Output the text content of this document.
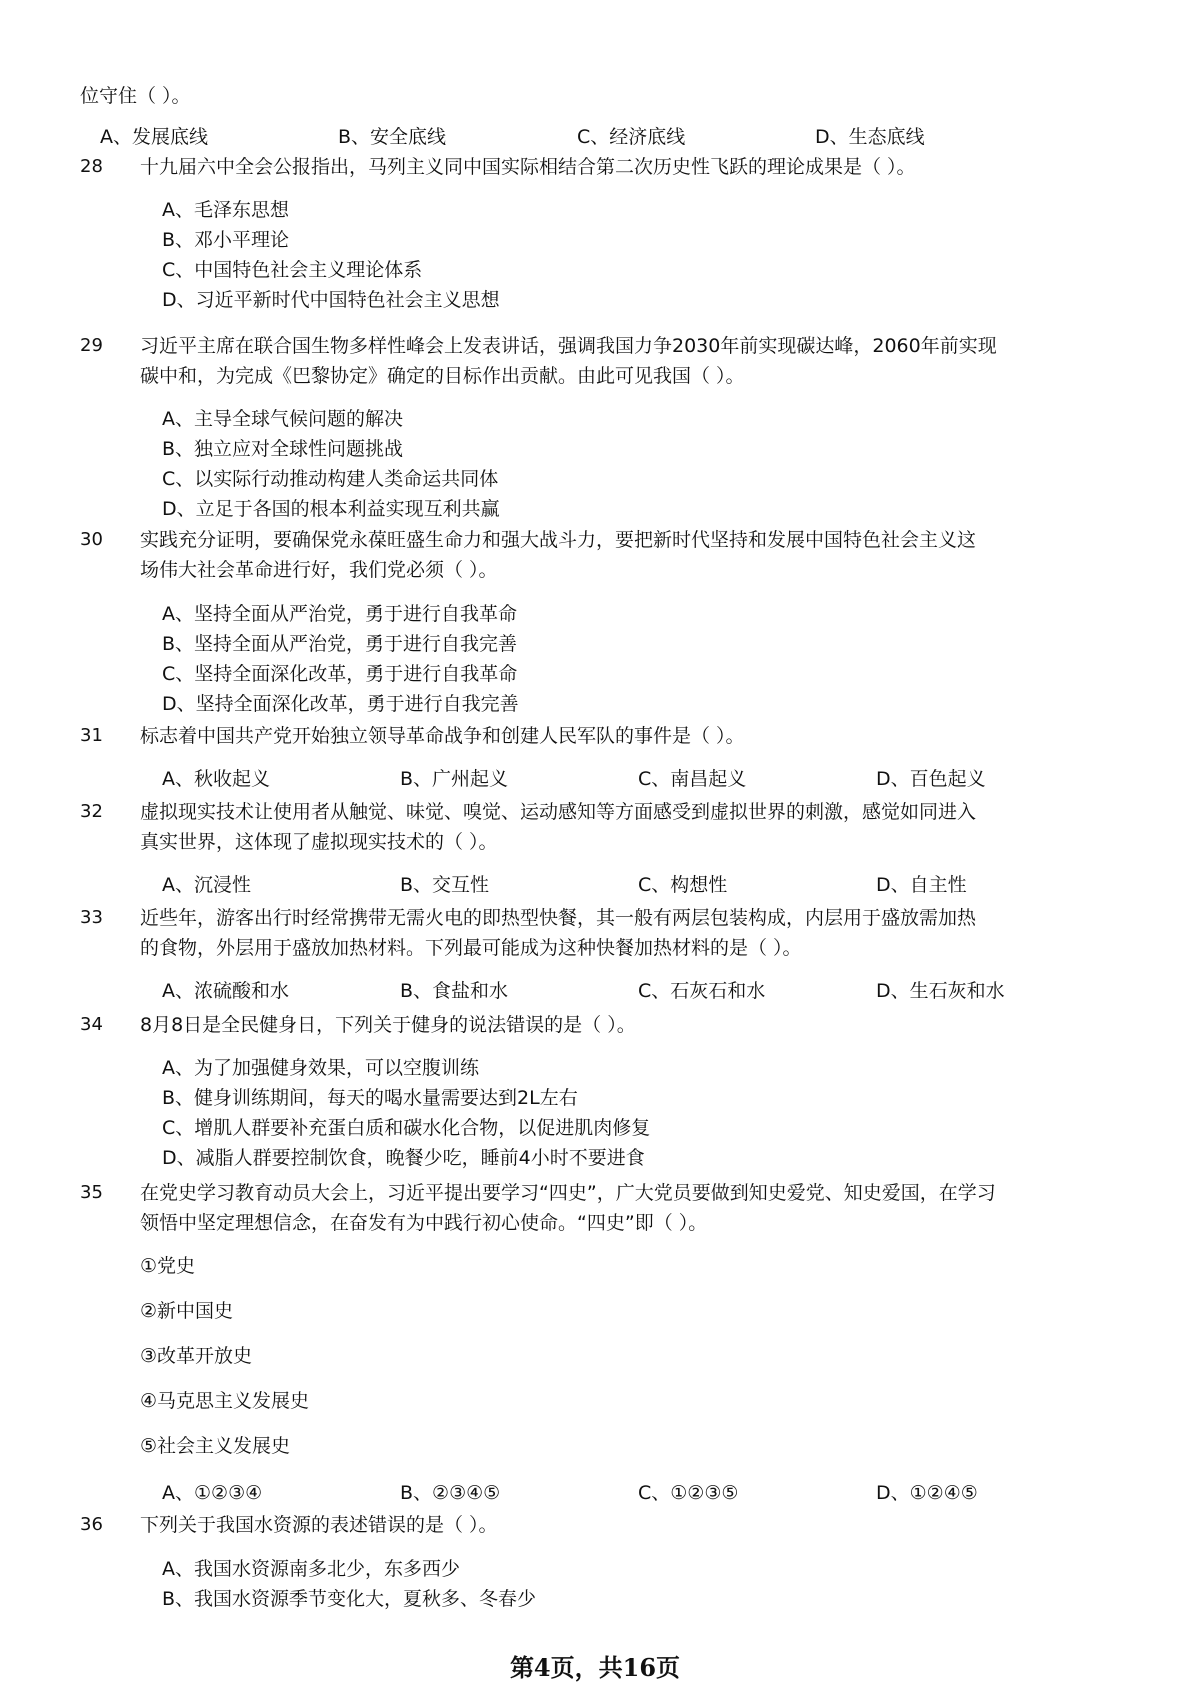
位守住（ ）。
A、发展底线	B、安全底线	C、经济底线	D、生态底线
28	十九届六中全会公报指出，马列主义同中国实际相结合第二次历史性飞跃的理论成果是（ ）。
A、毛泽东思想
B、邓小平理论
C、中国特色社会主义理论体系
D、习近平新时代中国特色社会主义思想
29	习近平主席在联合国生物多样性峰会上发表讲话，强调我国力争2030年前实现碳达峰，2060年前实现
碳中和，为完成《巴黎协定》确定的目标作出贡献。由此可见我国（ ）。
A、主导全球气候问题的解决
B、独立应对全球性问题挑战
C、以实际行动推动构建人类命运共同体
D、立足于各国的根本利益实现互利共赢
30	实践充分证明，要确保党永葆旺盛生命力和强大战斗力，要把新时代坚持和发展中国特色社会主义这
场伟大社会革命进行好，我们党必须（ ）。
A、坚持全面从严治党，勇于进行自我革命
B、坚持全面从严治党，勇于进行自我完善
C、坚持全面深化改革，勇于进行自我革命
D、坚持全面深化改革，勇于进行自我完善
31	标志着中国共产党开始独立领导革命战争和创建人民军队的事件是（ ）。
A、秋收起义	B、广州起义	C、南昌起义	D、百色起义
32	虚拟现实技术让使用者从触觉、味觉、嗅觉、运动感知等方面感受到虚拟世界的刺激，感觉如同进入
真实世界，这体现了虚拟现实技术的（ ）。
A、沉浸性	B、交互性	C、构想性	D、自主性
33	近些年，游客出行时经常携带无需火电的即热型快餐，其一般有两层包装构成，内层用于盛放需加热
的食物，外层用于盛放加热材料。下列最可能成为这种快餐加热材料的是（ ）。
A、浓硫酸和水	B、食盐和水	C、石灰石和水	D、生石灰和水
34	8月8日是全民健身日，下列关于健身的说法错误的是（ ）。
A、为了加强健身效果，可以空腹训练
B、健身训练期间，每天的喝水量需要达到2L左右
C、增肌人群要补充蛋白质和碳水化合物，以促进肌肉修复
D、减脂人群要控制饮食，晚餐少吃，睡前4小时不要进食
35	在党史学习教育动员大会上，习近平提出要学习“四史”，广大党员要做到知史爱党、知史爱国，在学习
领悟中坚定理想信念，在奋发有为中践行初心使命。“四史”即（ ）。
①党史
②新中国史
③改革开放史
④马克思主义发展史
⑤社会主义发展史
A、①②③④	B、②③④⑤	C、①②③⑤	D、①②④⑤
36	下列关于我国水资源的表述错误的是（ ）。
A、我国水资源南多北少，东多西少
B、我国水资源季节变化大，夏秋多、冬春少
第4页，共16页
